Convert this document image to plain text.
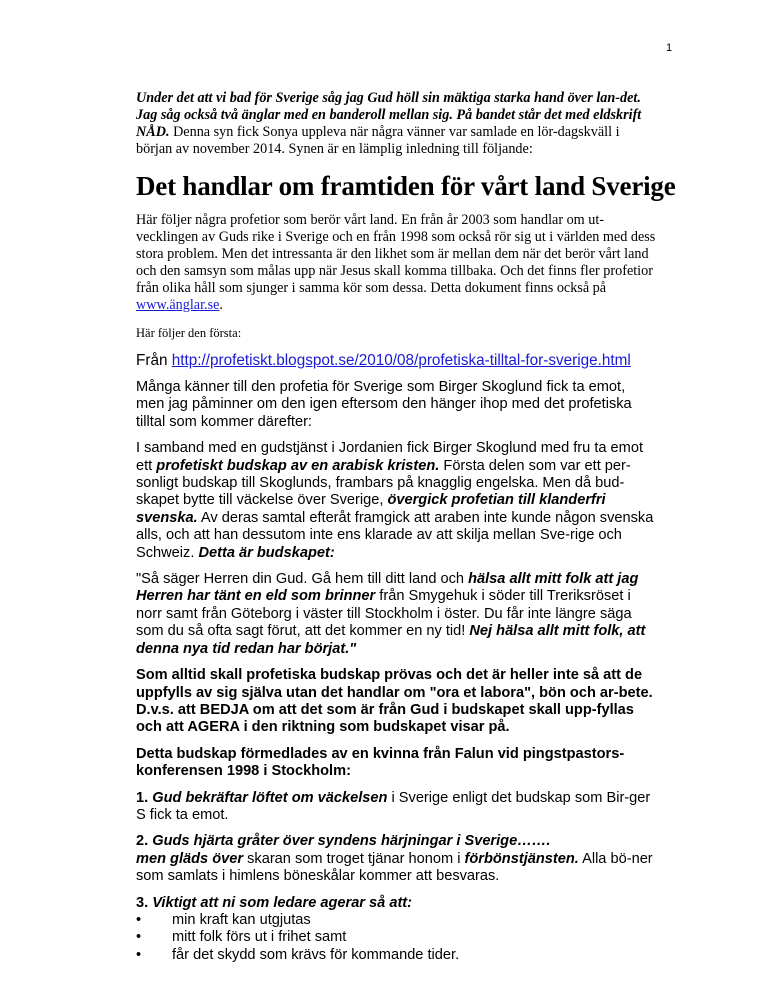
1

Under det att vi bad för Sverige såg jag Gud höll sin mäktiga starka hand över lan-det. Jag såg också två änglar med en banderoll mellan sig. På bandet står det med eldskrift NÅD. Denna syn fick Sonya uppleva när några vänner var samlade en lör-dagskväll i början av november 2014. Synen är en lämplig inledning till följande:

Det handlar om framtiden för vårt land Sverige

Här följer några profetior som berör vårt land. En från år 2003 som handlar om ut-vecklingen av Guds rike i Sverige och en från 1998 som också rör sig ut i världen med dess stora problem. Men det intressanta är den likhet som är mellan dem när det berör vårt land och den samsyn som målas upp när Jesus skall komma tillbaka. Och det finns fler profetior från olika håll som sjunger i samma kör som dessa. Detta dokument finns också på www.änglar.se.

Här följer den första:

Från http://profetiskt.blogspot.se/2010/08/profetiska-tilltal-for-sverige.html

Många känner till den profetia för Sverige som Birger Skoglund fick ta emot, men jag påminner om den igen eftersom den hänger ihop med det profetiska tilltal som kommer därefter:

I samband med en gudstjänst i Jordanien fick Birger Skoglund med fru ta emot ett profetiskt budskap av en arabisk kristen. Första delen som var ett per-sonligt budskap till Skoglunds, frambars på knagglig engelska. Men då bud-skapet bytte till väckelse över Sverige, övergick profetian till klanderfri svenska. Av deras samtal efteråt framgick att araben inte kunde någon svenska alls, och att han dessutom inte ens klarade av att skilja mellan Sve-rige och Schweiz. Detta är budskapet:

"Så säger Herren din Gud. Gå hem till ditt land och hälsa allt mitt folk att jag Herren har tänt en eld som brinner från Smygehuk i söder till Treriksröset i norr samt från Göteborg i väster till Stockholm i öster. Du får inte längre säga som du så ofta sagt förut, att det kommer en ny tid! Nej hälsa allt mitt folk, att denna nya tid redan har börjat."

Som alltid skall profetiska budskap prövas och det är heller inte så att de uppfylls av sig själva utan det handlar om "ora et labora", bön och ar-bete. D.v.s. att BEDJA om att det som är från Gud i budskapet skall upp-fyllas och att AGERA i den riktning som budskapet visar på.

Detta budskap förmedlades av en kvinna från Falun vid pingstpastors-konferensen 1998 i Stockholm:

1. Gud bekräftar löftet om väckelsen i Sverige enligt det budskap som Bir-ger S fick ta emot.

2. Guds hjärta gråter över syndens härjningar i Sverige…….
men gläds över skaran som troget tjänar honom i förbönstjänsten. Alla bö-ner som samlats i himlens böneskålar kommer att besvaras.

3. Viktigt att ni som ledare agerar så att:

• min kraft kan utgjutas
• mitt folk förs ut i frihet samt
• får det skydd som krävs för kommande tider.
